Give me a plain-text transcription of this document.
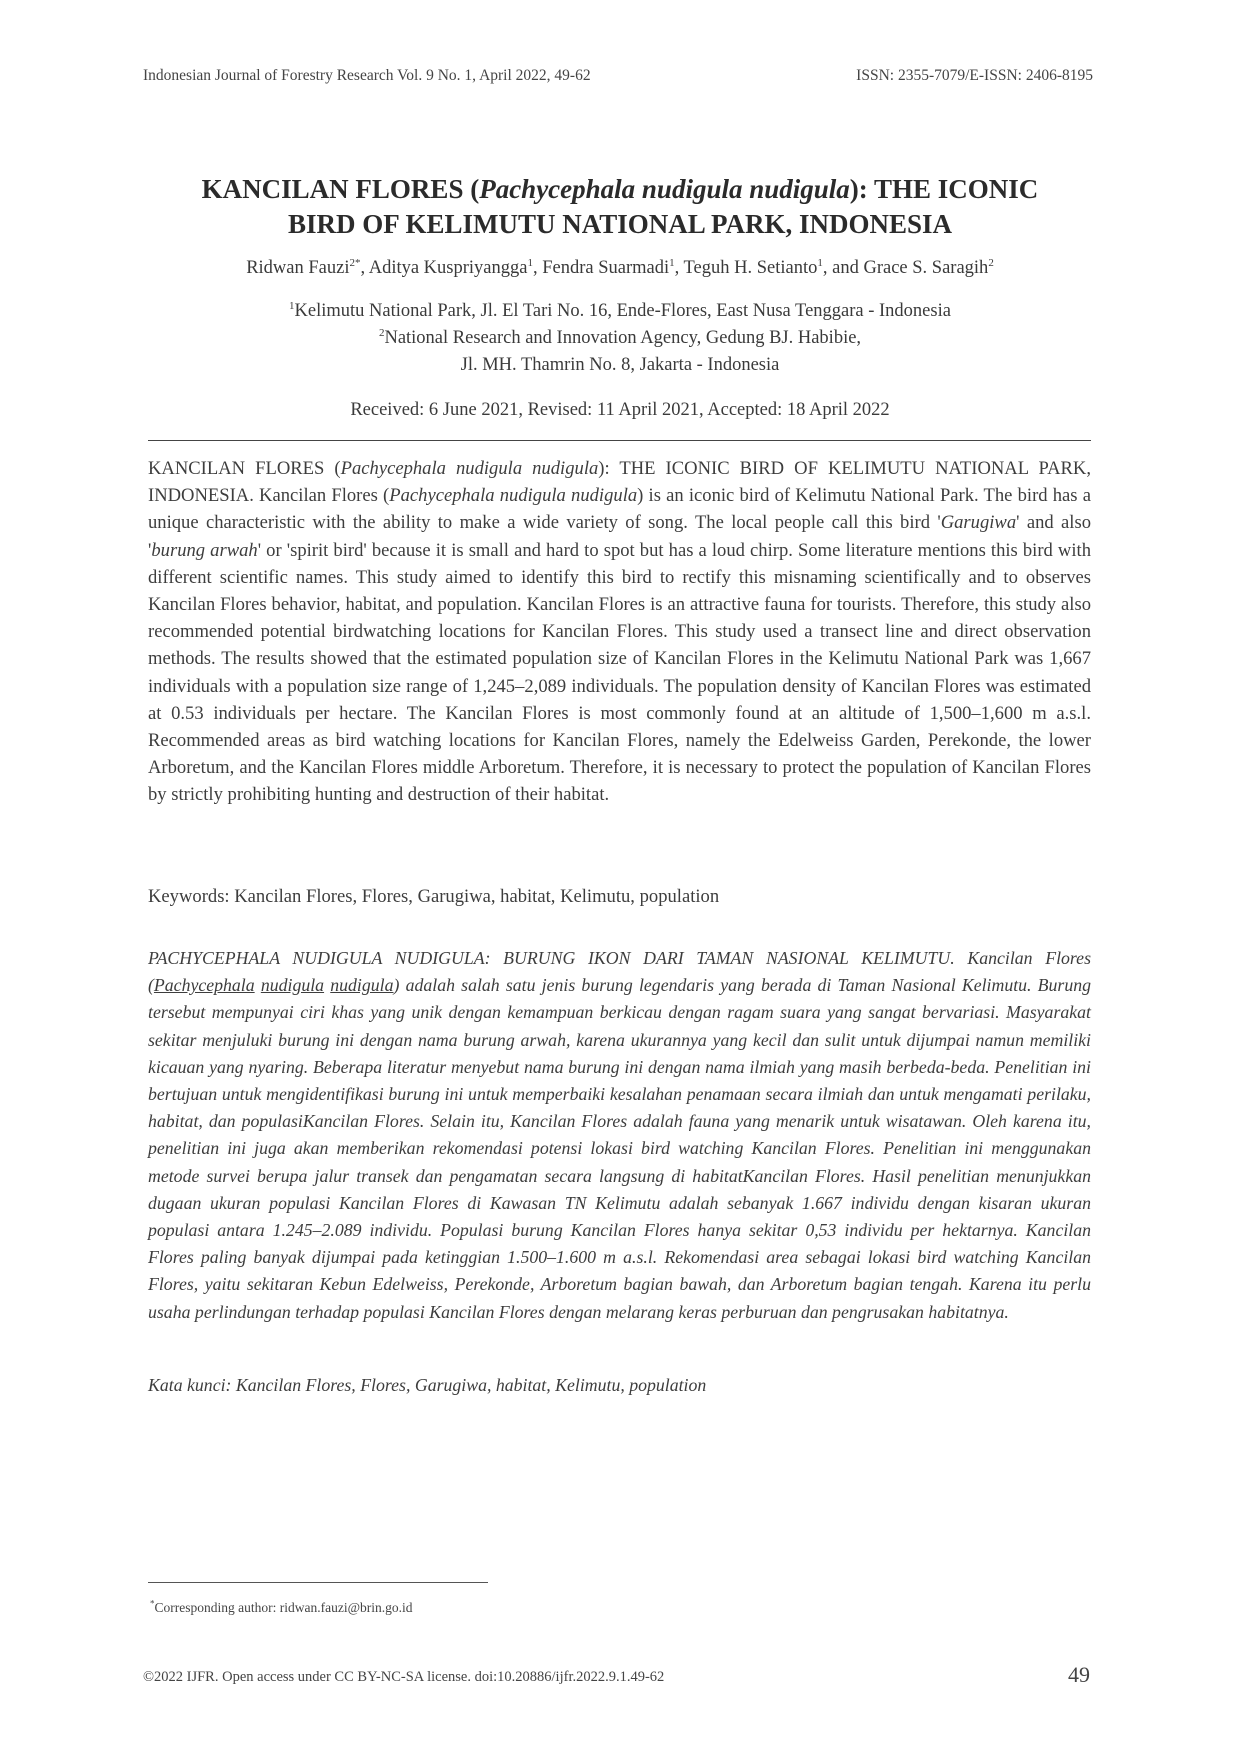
Indonesian Journal of Forestry Research Vol. 9 No. 1, April 2022, 49-62	ISSN: 2355-7079/E-ISSN: 2406-8195
KANCILAN FLORES (Pachycephala nudigula nudigula): THE ICONIC
BIRD OF KELIMUTU NATIONAL PARK, INDONESIA
Ridwan Fauzi$^{2*}$, Aditya Kuspriyangga$^1$, Fendra Suarmadi$^1$, Teguh H. Setianto$^1$, and Grace S. Saragih$^2$
$^1$Kelimutu National Park, Jl. El Tari No. 16, Ende-Flores, East Nusa Tenggara - Indonesia
$^2$National Research and Innovation Agency, Gedung BJ. Habibie,
Jl. MH. Thamrin No. 8, Jakarta - Indonesia
Received: 6 June 2021, Revised: 11 April 2021, Accepted: 18 April 2022
KANCILAN FLORES (Pachycephala nudigula nudigula): THE ICONIC BIRD OF KELIMUTU NATIONAL PARK, INDONESIA. Kancilan Flores (Pachycephala nudigula nudigula) is an iconic bird of Kelimutu National Park. The bird has a unique characteristic with the ability to make a wide variety of song. The local people call this bird 'Garugiwa' and also 'burung arwah' or 'spirit bird' because it is small and hard to spot but has a loud chirp. Some literature mentions this bird with different scientific names. This study aimed to identify this bird to rectify this misnaming scientifically and to observes Kancilan Flores behavior, habitat, and population. Kancilan Flores is an attractive fauna for tourists. Therefore, this study also recommended potential birdwatching locations for Kancilan Flores. This study used a transect line and direct observation methods. The results showed that the estimated population size of Kancilan Flores in the Kelimutu National Park was 1,667 individuals with a population size range of 1,245–2,089 individuals. The population density of Kancilan Flores was estimated at 0.53 individuals per hectare. The Kancilan Flores is most commonly found at an altitude of 1,500–1,600 m a.s.l. Recommended areas as bird watching locations for Kancilan Flores, namely the Edelweiss Garden, Perekonde, the lower Arboretum, and the Kancilan Flores middle Arboretum. Therefore, it is necessary to protect the population of Kancilan Flores by strictly prohibiting hunting and destruction of their habitat.
Keywords: Kancilan Flores, Flores, Garugiwa, habitat, Kelimutu, population
PACHYCEPHALA NUDIGULA NUDIGULA: BURUNG IKON DARI TAMAN NASIONAL KELIMUTU. Kancilan Flores (Pachycephala nudigula nudigula) adalah salah satu jenis burung legendaris yang berada di Taman Nasional Kelimutu. Burung tersebut mempunyai ciri khas yang unik dengan kemampuan berkicau dengan ragam suara yang sangat bervariasi. Masyarakat sekitar menjuluki burung ini dengan nama burung arwah, karena ukurannya yang kecil dan sulit untuk dijumpai namun memiliki kicauan yang nyaring. Beberapa literatur menyebut nama burung ini dengan nama ilmiah yang masih berbeda-beda. Penelitian ini bertujuan untuk mengidentifikasi burung ini untuk memperbaiki kesalahan penamaan secara ilmiah dan untuk mengamati perilaku, habitat, dan populasiKancilan Flores. Selain itu, Kancilan Flores adalah fauna yang menarik untuk wisatawan. Oleh karena itu, penelitian ini juga akan memberikan rekomendasi potensi lokasi bird watching Kancilan Flores. Penelitian ini menggunakan metode survei berupa jalur transek dan pengamatan secara langsung di habitatKancilan Flores. Hasil penelitian menunjukkan dugaan ukuran populasi Kancilan Flores di Kawasan TN Kelimutu adalah sebanyak 1.667 individu dengan kisaran ukuran populasi antara 1.245–2.089 individu. Populasi burung Kancilan Flores hanya sekitar 0,53 individu per hektarnya. Kancilan Flores paling banyak dijumpai pada ketinggian 1.500–1.600 m a.s.l. Rekomendasi area sebagai lokasi bird watching Kancilan Flores, yaitu sekitaran Kebun Edelweiss, Perekonde, Arboretum bagian bawah, dan Arboretum bagian tengah. Karena itu perlu usaha perlindungan terhadap populasi Kancilan Flores dengan melarang keras perburuan dan pengrusakan habitatnya.
Kata kunci: Kancilan Flores, Flores, Garugiwa, habitat, Kelimutu, population
*Corresponding author: ridwan.fauzi@brin.go.id
©2022 IJFR. Open access under CC BY-NC-SA license. doi:10.20886/ijfr.2022.9.1.49-62	49
